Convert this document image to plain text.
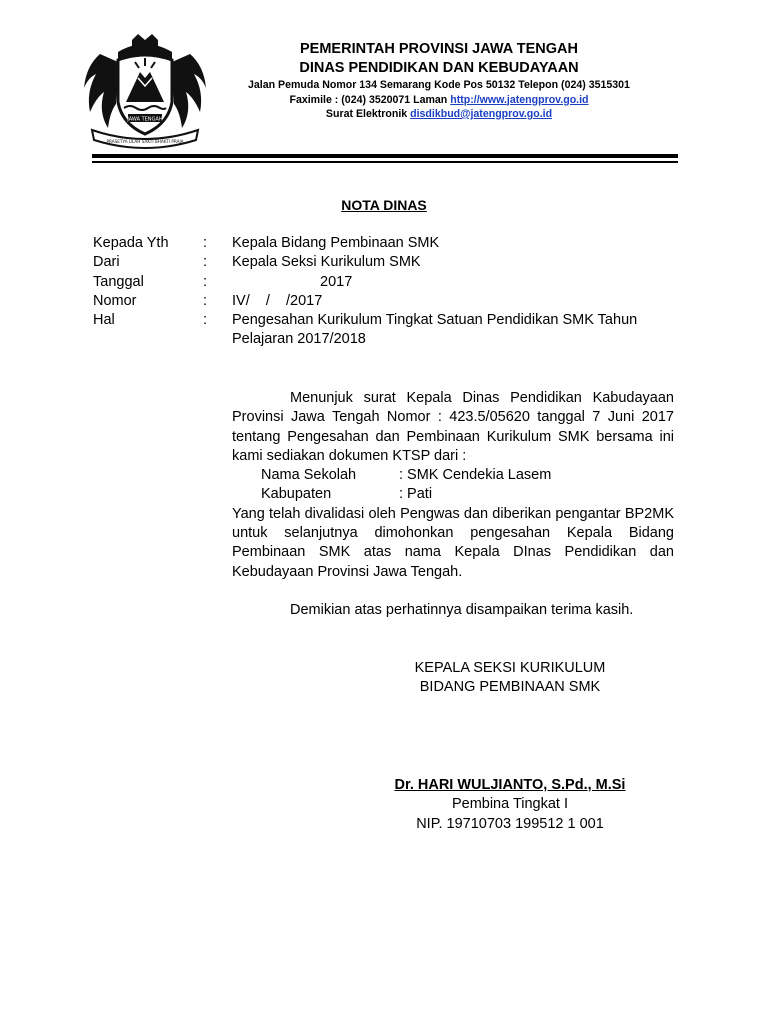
JAWA TENGAH
PRASETYA ULAH SAKTI BHAKTI PRAJA
PEMERINTAH PROVINSI JAWA TENGAH
DINAS PENDIDIKAN DAN KEBUDAYAAN
Jalan Pemuda Nomor 134 Semarang Kode Pos 50132 Telepon (024) 3515301
Faximile : (024) 3520071 Laman http://www.jatengprov.go.id
Surat Elektronik disdikbud@jatengprov.go.id
NOTA DINAS
Kepada Yth	:	Kepala Bidang Pembinaan SMK
Dari	:	Kepala Seksi Kurikulum SMK
Tanggal	:	2017
Nomor	:	IV/    /    /2017
Hal	:	Pengesahan Kurikulum Tingkat Satuan Pendidikan SMK Tahun Pelajaran 2017/2018

Menunjuk surat Kepala Dinas Pendidikan Kabudayaan Provinsi Jawa Tengah Nomor : 423.5/05620 tanggal 7 Juni 2017 tentang Pengesahan dan Pembinaan Kurikulum SMK bersama ini kami sediakan dokumen KTSP dari :

Nama Sekolah	: SMK Cendekia Lasem
Kabupaten	: Pati

Yang telah divalidasi oleh Pengwas dan diberikan pengantar BP2MK untuk selanjutnya dimohonkan pengesahan Kepala Bidang Pembinaan SMK atas nama Kepala DInas Pendidikan dan Kebudayaan Provinsi Jawa Tengah.

Demikian atas perhatinnya disampaikan terima kasih.

KEPALA SEKSI KURIKULUM
BIDANG PEMBINAAN SMK
Dr. HARI WULJIANTO, S.Pd., M.Si
Pembina Tingkat I
NIP. 19710703 199512 1 001
